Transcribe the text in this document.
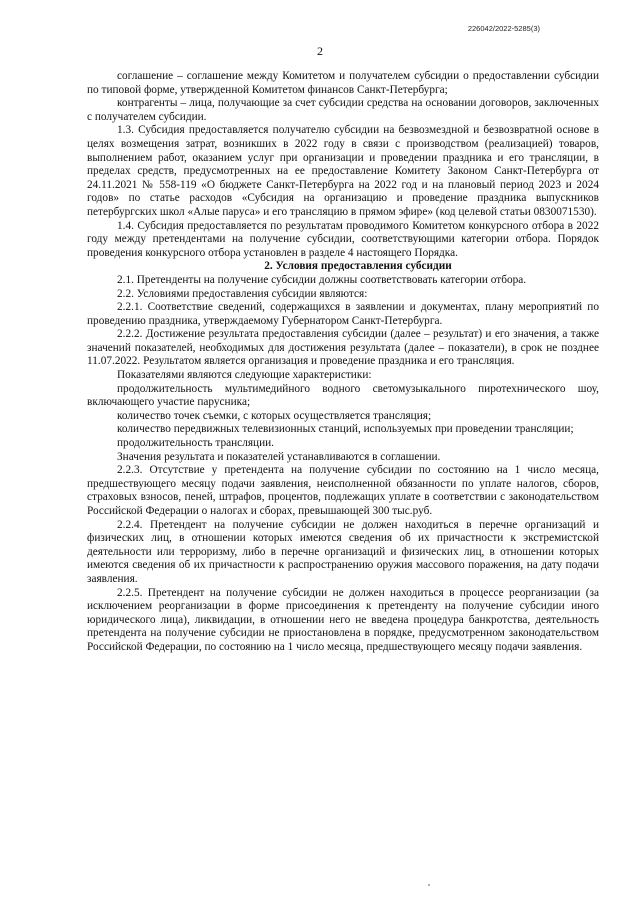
226042/2022-5285(3)
2

соглашение – соглашение между Комитетом и получателем субсидии о предоставлении субсидии по типовой форме, утвержденной Комитетом финансов Санкт-Петербурга;

контрагенты – лица, получающие за счет субсидии средства на основании договоров, заключенных с получателем субсидии.

1.3. Субсидия предоставляется получателю субсидии на безвозмездной и безвозвратной основе в целях возмещения затрат, возникших в 2022 году в связи с производством (реализацией) товаров, выполнением работ, оказанием услуг при организации и проведении праздника и его трансляции, в пределах средств, предусмотренных на ее предоставление Комитету Законом Санкт-Петербурга от 24.11.2021 № 558-119 «О бюджете Санкт-Петербурга на 2022 год и на плановый период 2023 и 2024 годов» по статье расходов «Субсидия на организацию и проведение праздника выпускников петербургских школ «Алые паруса» и его трансляцию в прямом эфире» (код целевой статьи 0830071530).

1.4. Субсидия предоставляется по результатам проводимого Комитетом конкурсного отбора в 2022 году между претендентами на получение субсидии, соответствующими категории отбора. Порядок проведения конкурсного отбора установлен в разделе 4 настоящего Порядка.

2. Условия предоставления субсидии

2.1. Претенденты на получение субсидии должны соответствовать категории отбора.

2.2. Условиями предоставления субсидии являются:

2.2.1. Соответствие сведений, содержащихся в заявлении и документах, плану мероприятий по проведению праздника, утверждаемому Губернатором Санкт-Петербурга.

2.2.2. Достижение результата предоставления субсидии (далее – результат) и его значения, а также значений показателей, необходимых для достижения результата (далее – показатели), в срок не позднее 11.07.2022. Результатом является организация и проведение праздника и его трансляция.

Показателями являются следующие характеристики:

продолжительность мультимедийного водного светомузыкального пиротехнического шоу, включающего участие парусника;

количество точек съемки, с которых осуществляется трансляция;

количество передвижных телевизионных станций, используемых при проведении трансляции;

продолжительность трансляции.

Значения результата и показателей устанавливаются в соглашении.

2.2.3. Отсутствие у претендента на получение субсидии по состоянию на 1 число месяца, предшествующего месяцу подачи заявления, неисполненной обязанности по уплате налогов, сборов, страховых взносов, пеней, штрафов, процентов, подлежащих уплате в соответствии с законодательством Российской Федерации о налогах и сборах, превышающей 300 тыс.руб.

2.2.4. Претендент на получение субсидии не должен находиться в перечне организаций и физических лиц, в отношении которых имеются сведения об их причастности к экстремистской деятельности или терроризму, либо в перечне организаций и физических лиц, в отношении которых имеются сведения об их причастности к распространению оружия массового поражения, на дату подачи заявления.

2.2.5. Претендент на получение субсидии не должен находиться в процессе реорганизации (за исключением реорганизации в форме присоединения к претенденту на получение субсидии иного юридического лица), ликвидации, в отношении него не введена процедура банкротства, деятельность претендента на получение субсидии не приостановлена в порядке, предусмотренном законодательством Российской Федерации, по состоянию на 1 число месяца, предшествующего месяцу подачи заявления.
